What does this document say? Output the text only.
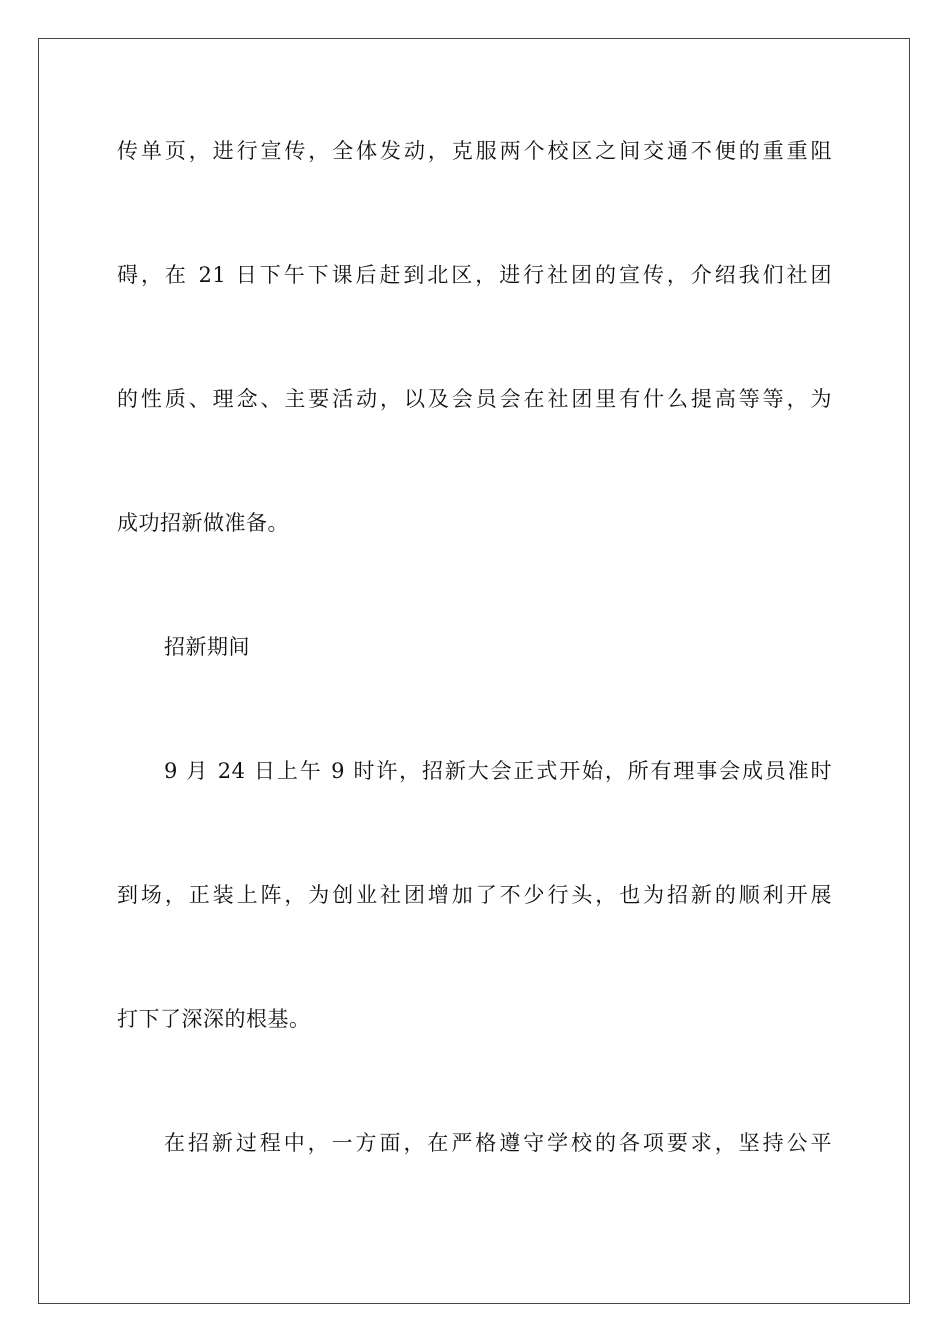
传单页，进行宣传，全体发动，克服两个校区之间交通不便的重重阻
碍，在 21 日下午下课后赶到北区，进行社团的宣传，介绍我们社团
的性质、理念、主要活动，以及会员会在社团里有什么提高等等，为
成功招新做准备。
招新期间
9 月 24 日上午 9 时许，招新大会正式开始，所有理事会成员准时
到场，正装上阵，为创业社团增加了不少行头，也为招新的顺利开展
打下了深深的根基。
在招新过程中，一方面，在严格遵守学校的各项要求，坚持公平
